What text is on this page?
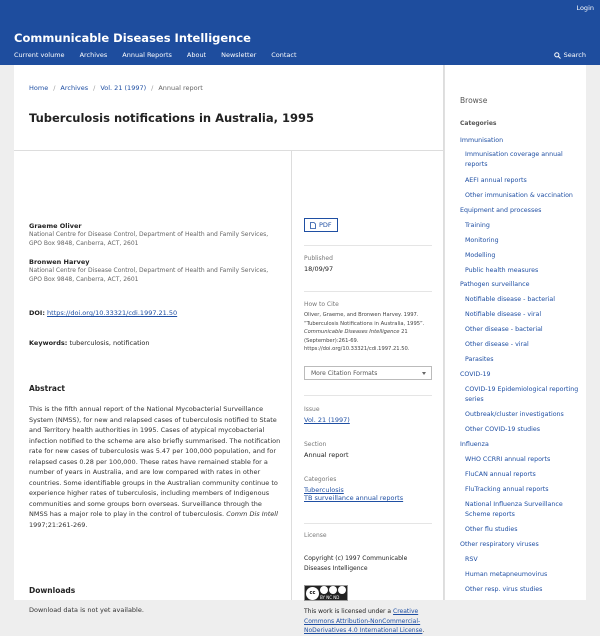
Login
Communicable Diseases Intelligence
Current volume Archives Annual Reports About Newsletter Contact	Search
Home / Archives / Vol. 21 (1997) / Annual report
Tuberculosis notifications in Australia, 1995
Graeme Oliver
National Centre for Disease Control, Department of Health and Family Services, GPO Box 9848, Canberra, ACT, 2601
Bronwen Harvey
National Centre for Disease Control, Department of Health and Family Services, GPO Box 9848, Canberra, ACT, 2601
DOI: https://doi.org/10.33321/cdi.1997.21.50
Keywords: tuberculosis, notification
Abstract
This is the fifth annual report of the National Mycobacterial Surveillance System (NMSS), for new and relapsed cases of tuberculosis notified to State and Territory health authorities in 1995. Cases of atypical mycobacterial infection notified to the scheme are also briefly summarised. The notification rate for new cases of tuberculosis was 5.47 per 100,000 population, and for relapsed cases 0.28 per 100,000. These rates have remained stable for a number of years in Australia, and are low compared with rates in other countries. Some identifiable groups in the Australian community continue to experience higher rates of tuberculosis, including members of Indigenous communities and some groups born overseas. Surveillance through the NMSS has a major role to play in the control of tuberculosis. Comm Dis Intell 1997;21:261-269.
Downloads
Download data is not yet available.
PDF
Published
18/09/97
How to Cite
Oliver, Graeme, and Bronwen Harvey. 1997. “Tuberculosis Notifications in Australia, 1995”. Communicable Diseases Intelligence 21 (September):261-69. https://doi.org/10.33321/cdi.1997.21.50.
More Citation Formats
Issue
Vol. 21 (1997)
Section
Annual report
Categories
Tuberculosis
TB surveillance annual reports
License
Copyright (c) 1997 Communicable Diseases Intelligence
cc
BY NC ND
This work is licensed under a Creative Commons Attribution-NonCommercial-NoDerivatives 4.0 International License.
Browse
Categories
Immunisation
Immunisation coverage annual reports
AEFI annual reports
Other immunisation & vaccination
Equipment and processes
Training
Monitoring
Modelling
Public health measures
Pathogen surveillance
Notifiable disease - bacterial
Notifiable disease - viral
Other disease - bacterial
Other disease - viral
Parasites
COVID-19
COVID-19 Epidemiological reporting series
Outbreak/cluster investigations
Other COVID-19 studies
Influenza
WHO CCRRI annual reports
FluCAN annual reports
FluTracking annual reports
National Influenza Surveillance Scheme reports
Other flu studies
Other respiratory viruses
RSV
Human metapneumovirus
Other resp. virus studies
